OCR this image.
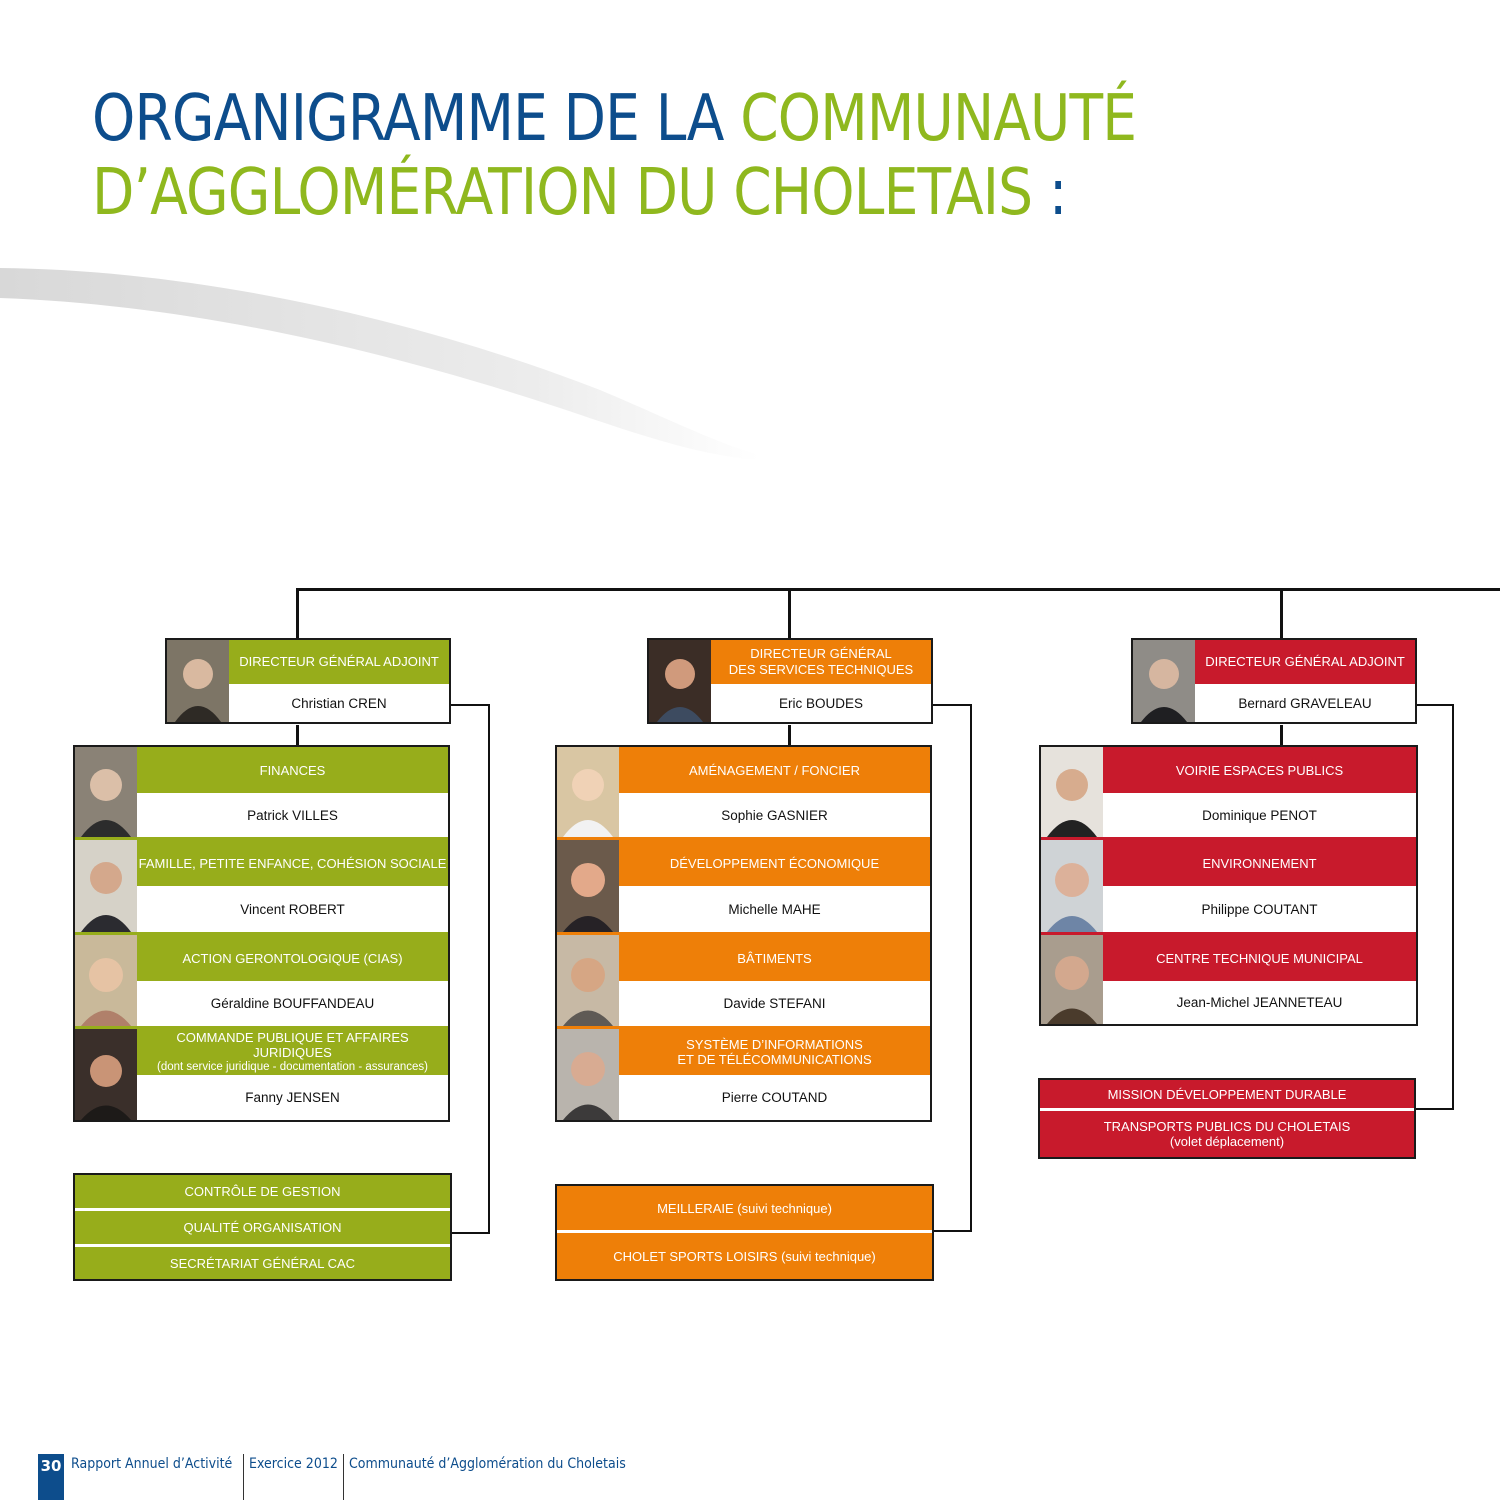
ORGANIGRAMME DE LA COMMUNAUTÉ
D’AGGLOMÉRATION DU CHOLETAIS :
DIRECTEUR GÉNÉRAL ADJOINT
Christian CREN
FINANCES
Patrick VILLES
FAMILLE, PETITE ENFANCE, COHÉSION SOCIALE
Vincent ROBERT
ACTION GERONTOLOGIQUE (CIAS)
Géraldine BOUFFANDEAU
COMMANDE PUBLIQUE ET AFFAIRES JURIDIQUES
(dont service juridique - documentation - assurances)
Fanny JENSEN
CONTRÔLE DE GESTION
QUALITÉ ORGANISATION
SECRÉTARIAT GÉNÉRAL CAC
DIRECTEUR GÉNÉRAL
DES SERVICES TECHNIQUES
Eric BOUDES
AMÉNAGEMENT / FONCIER
Sophie GASNIER
DÉVELOPPEMENT ÉCONOMIQUE
Michelle MAHE
BÂTIMENTS
Davide STEFANI
SYSTÈME D’INFORMATIONS
ET DE TÉLÉCOMMUNICATIONS
Pierre COUTAND
MEILLERAIE (suivi technique)
CHOLET SPORTS LOISIRS (suivi technique)
DIRECTEUR GÉNÉRAL ADJOINT
Bernard GRAVELEAU
VOIRIE ESPACES PUBLICS
Dominique PENOT
ENVIRONNEMENT
Philippe COUTANT
CENTRE TECHNIQUE MUNICIPAL
Jean-Michel JEANNETEAU
MISSION DÉVELOPPEMENT DURABLE
TRANSPORTS PUBLICS DU CHOLETAIS
(volet déplacement)
30 Rapport Annuel d’Activité Exercice 2012 Communauté d’Agglomération du Choletais
